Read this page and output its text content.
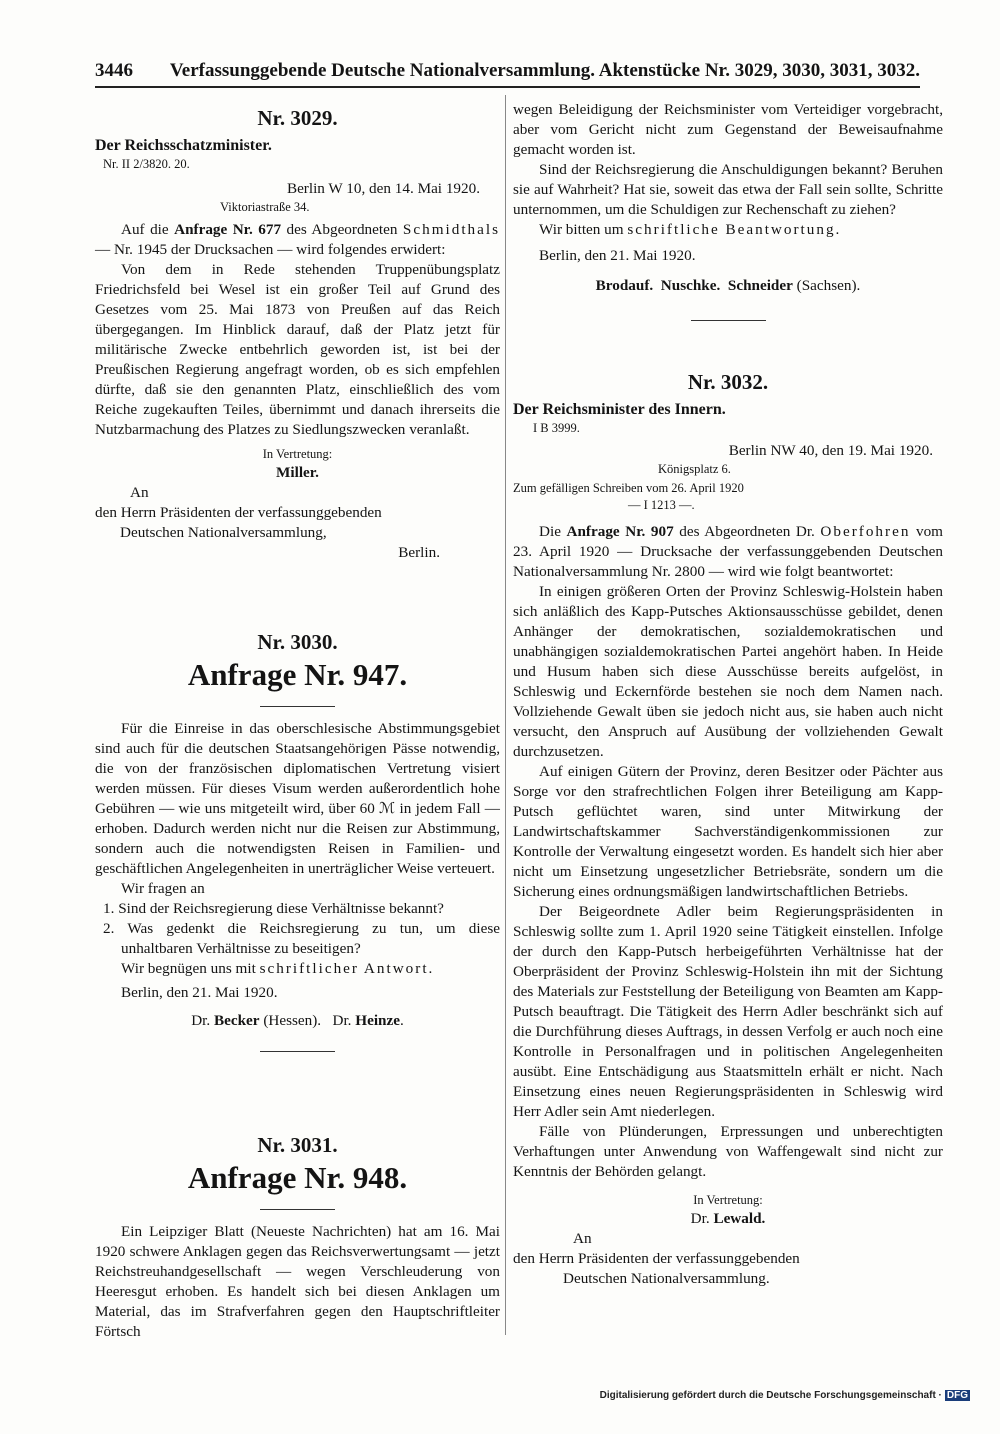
3446 Verfassunggebende Deutsche Nationalversammlung. Aktenstücke Nr. 3029, 3030, 3031, 3032.
Nr. 3029.
Der Reichsschatzminister.
Nr. II 2/3820. 20.
Berlin W 10, den 14. Mai 1920.
Viktoriastraße 34.

Auf die Anfrage Nr. 677 des Abgeordneten Schmidthals — Nr. 1945 der Drucksachen — wird folgendes erwidert:

Von dem in Rede stehenden Truppenübungsplatz Friedrichsfeld bei Wesel ist ein großer Teil auf Grund des Gesetzes vom 25. Mai 1873 von Preußen auf das Reich übergegangen. Im Hinblick darauf, daß der Platz jetzt für militärische Zwecke entbehrlich geworden ist, ist bei der Preußischen Regierung angefragt worden, ob es sich empfehlen dürfte, daß sie den genannten Platz, einschließlich des vom Reiche zugekauften Teiles, übernimmt und danach ihrerseits die Nutzbarmachung des Platzes zu Siedlungszwecken veranlaßt.

In Vertretung:
Miller.
An
den Herrn Präsidenten der verfassunggebenden
Deutschen Nationalversammlung,
Berlin.
Nr. 3030.
Anfrage Nr. 947.

Für die Einreise in das oberschlesische Abstimmungsgebiet sind auch für die deutschen Staatsangehörigen Pässe notwendig, die von der französischen diplomatischen Vertretung visiert werden müssen. Für dieses Visum werden außerordentlich hohe Gebühren — wie uns mitgeteilt wird, über 60 ℳ in jedem Fall — erhoben. Dadurch werden nicht nur die Reisen zur Abstimmung, sondern auch die notwendigsten Reisen in Familien- und geschäftlichen Angelegenheiten in unerträglicher Weise verteuert.

Wir fragen an

1. Sind der Reichsregierung diese Verhältnisse bekannt?

2. Was gedenkt die Reichsregierung zu tun, um diese unhaltbaren Verhältnisse zu beseitigen?

Wir begnügen uns mit schriftlicher Antwort.

Berlin, den 21. Mai 1920.

Dr. Becker (Hessen). Dr. Heinze.
Nr. 3031.
Anfrage Nr. 948.

Ein Leipziger Blatt (Neueste Nachrichten) hat am 16. Mai 1920 schwere Anklagen gegen das Reichsverwertungsamt — jetzt Reichstreuhandgesellschaft — wegen Verschleuderung von Heeresgut erhoben. Es handelt sich bei diesen Anklagen um Material, das im Strafverfahren gegen den Hauptschriftleiter Förtsch

wegen Beleidigung der Reichsminister vom Verteidiger vorgebracht, aber vom Gericht nicht zum Gegenstand der Beweisaufnahme gemacht worden ist.

Sind der Reichsregierung die Anschuldigungen bekannt? Beruhen sie auf Wahrheit? Hat sie, soweit das etwa der Fall sein sollte, Schritte unternommen, um die Schuldigen zur Rechenschaft zu ziehen?

Wir bitten um schriftliche Beantwortung.

Berlin, den 21. Mai 1920.

Brodauf. Nuschke. Schneider (Sachsen).
Nr. 3032.
Der Reichsminister des Innern.
I B 3999.
Berlin NW 40, den 19. Mai 1920.
Königsplatz 6.
Zum gefälligen Schreiben vom 26. April 1920
— I 1213 —.

Die Anfrage Nr. 907 des Abgeordneten Dr. Oberfohren vom 23. April 1920 — Drucksache der verfassunggebenden Deutschen Nationalversammlung Nr. 2800 — wird wie folgt beantwortet:

In einigen größeren Orten der Provinz Schleswig-Holstein haben sich anläßlich des Kapp-Putsches Aktionsausschüsse gebildet, denen Anhänger der demokratischen, sozialdemokratischen und unabhängigen sozialdemokratischen Partei angehört haben. In Heide und Husum haben sich diese Ausschüsse bereits aufgelöst, in Schleswig und Eckernförde bestehen sie noch dem Namen nach. Vollziehende Gewalt üben sie jedoch nicht aus, sie haben auch nicht versucht, den Anspruch auf Ausübung der vollziehenden Gewalt durchzusetzen.

Auf einigen Gütern der Provinz, deren Besitzer oder Pächter aus Sorge vor den strafrechtlichen Folgen ihrer Beteiligung am Kapp-Putsch geflüchtet waren, sind unter Mitwirkung der Landwirtschaftskammer Sachverständigenkommissionen zur Kontrolle der Verwaltung eingesetzt worden. Es handelt sich hier aber nicht um Einsetzung ungesetzlicher Betriebsräte, sondern um die Sicherung eines ordnungsmäßigen landwirtschaftlichen Betriebs.

Der Beigeordnete Adler beim Regierungspräsidenten in Schleswig sollte zum 1. April 1920 seine Tätigkeit einstellen. Infolge der durch den Kapp-Putsch herbeigeführten Verhältnisse hat der Oberpräsident der Provinz Schleswig-Holstein ihn mit der Sichtung des Materials zur Feststellung der Beteiligung von Beamten am Kapp-Putsch beauftragt. Die Tätigkeit des Herrn Adler beschränkt sich auf die Durchführung dieses Auftrags, in dessen Verfolg er auch noch eine Kontrolle in Personalfragen und in politischen Angelegenheiten ausübt. Eine Entschädigung aus Staatsmitteln erhält er nicht. Nach Einsetzung eines neuen Regierungspräsidenten in Schleswig wird Herr Adler sein Amt niederlegen.

Fälle von Plünderungen, Erpressungen und unberechtigten Verhaftungen unter Anwendung von Waffengewalt sind nicht zur Kenntnis der Behörden gelangt.

In Vertretung:
Dr. Lewald.
An
den Herrn Präsidenten der verfassunggebenden
Deutschen Nationalversammlung.
Digitalisierung gefördert durch die Deutsche Forschungsgemeinschaft · DFG
